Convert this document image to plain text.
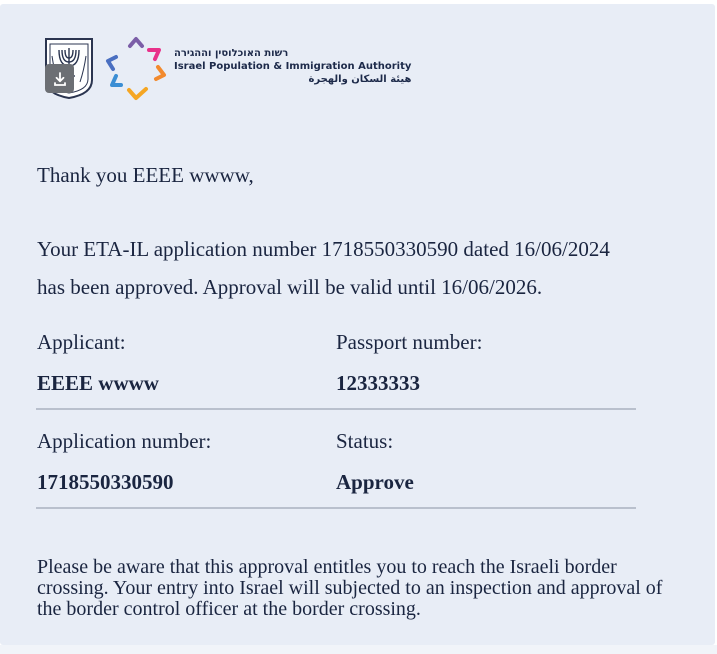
רשות האוכלוסין וההגירה
Israel Population & Immigration Authority
هيئة السكان والهجرة
Thank you EEEE wwww,
Your ETA-IL application number 1718550330590 dated 16/06/2024
has been approved. Approval will be valid until 16/06/2026.
Applicant:	Passport number:
EEEE wwww	12333333
Application number:	Status:
1718550330590	Approve
Please be aware that this approval entitles you to reach the Israeli border crossing. Your entry into Israel will subjected to an inspection and approval of the border control officer at the border crossing.
